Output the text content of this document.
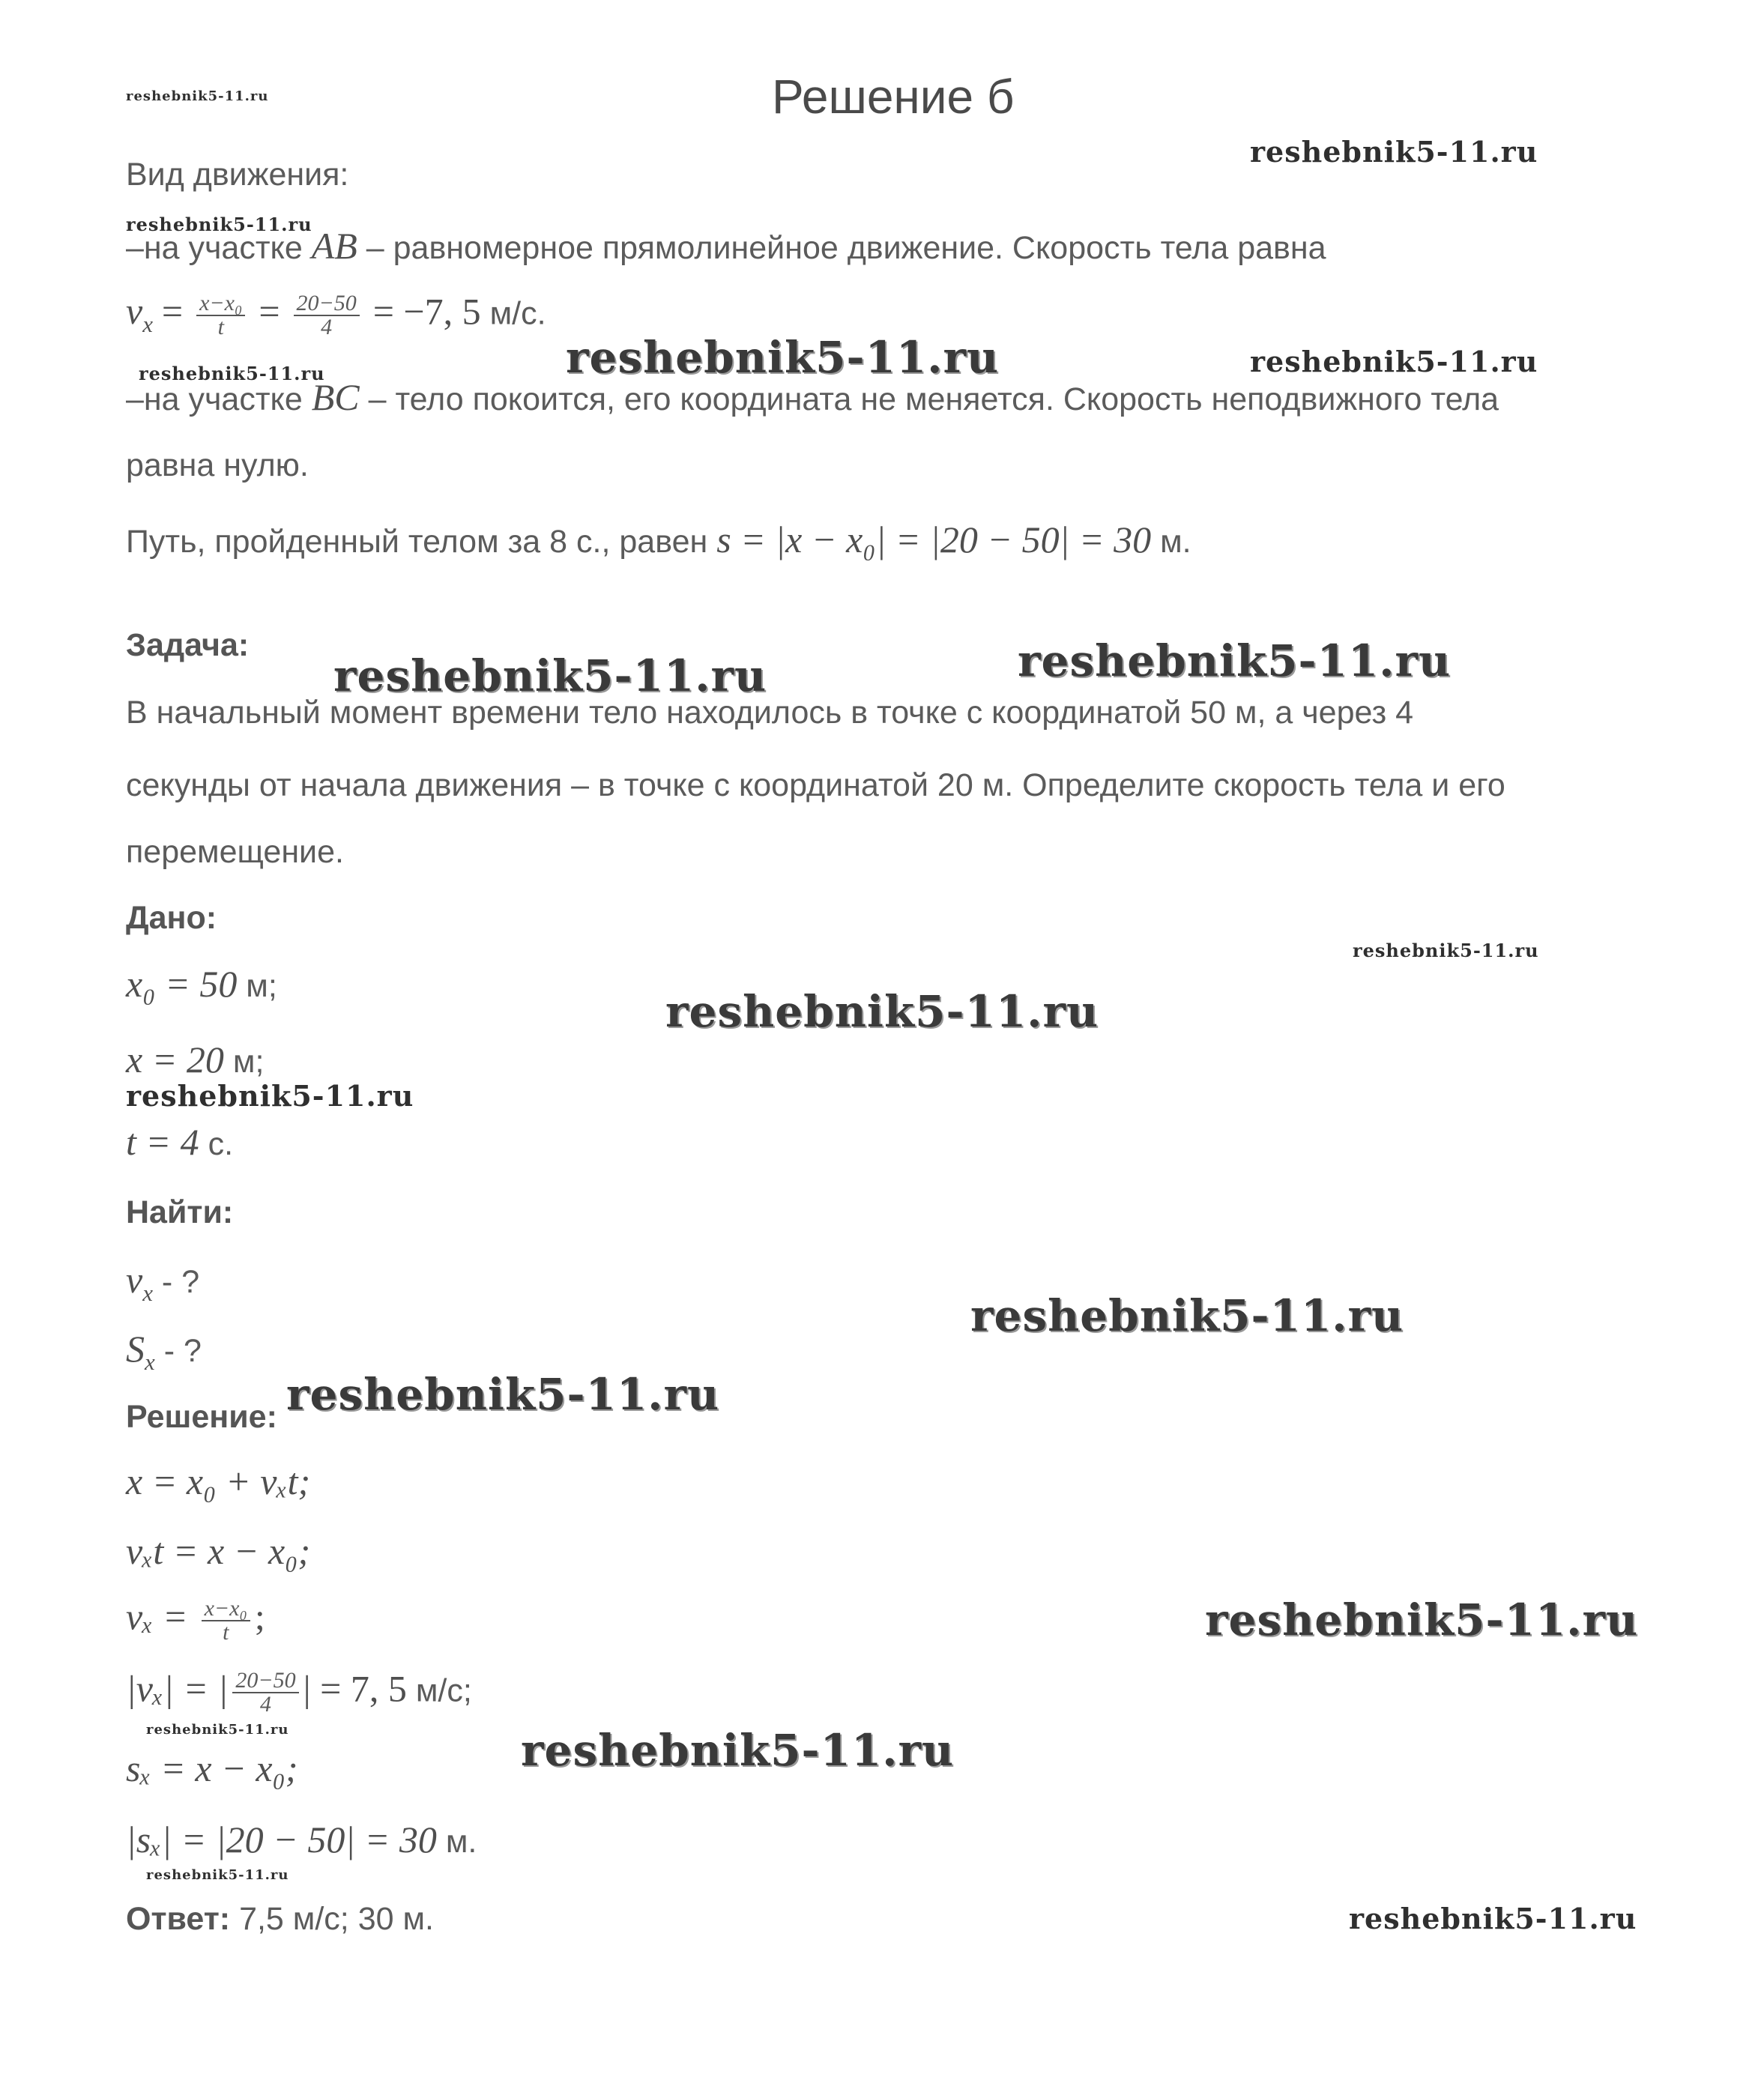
Решение б
Вид движения:
–на участке AB – равномерное прямолинейное движение. Скорость тела равна
$v_x = \frac{\text{x−x₀}}{t} = \frac{20-50}{4} = -7$, 5 м/с.
–на участке BC – тело покоится, его координата не меняется. Скорость неподвижного тела
равна нулю.
Путь, пройденный телом за 8 с., равен s = |x − x₀| = |20 − 50| = 30 м.
Задача:
В начальный момент времени тело находилось в точке с координатой 50 м, а через 4
секунды от начала движения – в точке с координатой 20 м. Определите скорость тела и его
перемещение.
Дано:
x₀ = 50 м;
x = 20 м;
t = 4 с.
Найти:
$v_x$ - ?
$S_x$ - ?
Решение:
x = x₀ + vₓt;
vₓt = x − x₀;
$v_x = \frac{\text{x−x₀}}{t}$ ;
|vₓ| = | $\frac{20-50}{4}$ | = 7, 5 м/с;
sₓ = x − x₀;
|sₓ| = |20 − 50| = 30 м.
Ответ: 7,5 м/с; 30 м.
reshebnik5-11.ru
reshebnik5-11.ru
reshebnik5-11.ru
reshebnik5-11.ru	reshebnik5-11.ru	reshebnik5-11.ru
reshebnik5-11.ru	reshebnik5-11.ru
reshebnik5-11.ru
reshebnik5-11.ru
reshebnik5-11.ru
reshebnik5-11.ru
reshebnik5-11.ru
reshebnik5-11.ru
reshebnik5-11.ru	reshebnik5-11.ru
reshebnik5-11.ru
reshebnik5-11.ru
